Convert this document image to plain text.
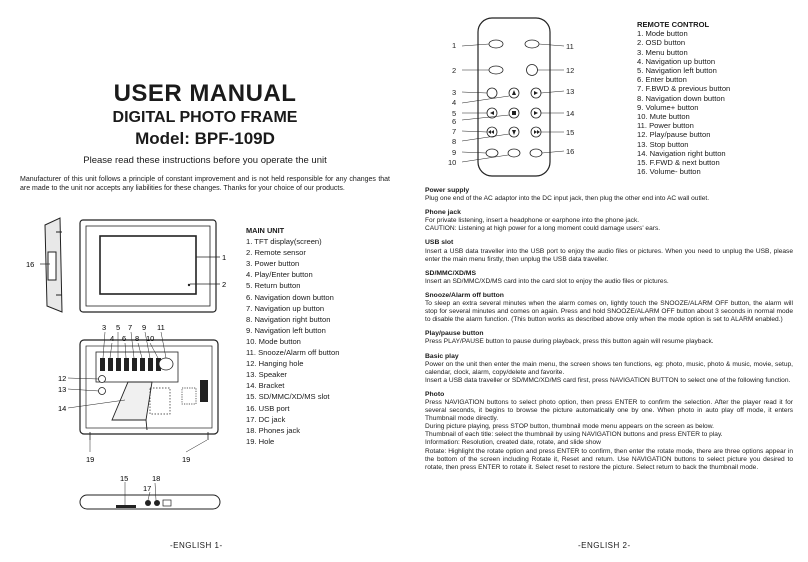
USER MANUAL
DIGITAL PHOTO FRAME
Model: BPF-109D
Please read these instructions before you operate the unit
Manufacturer of this unit follows a principle of constant improvement and is not held responsible for any changes that are made to the unit nor accepts any liabilities for these changes. Thanks for your choice of our products.
MAIN UNIT
1. TFT display(screen)
2. Remote sensor
3. Power button
4. Play/Enter button
5. Return button
6. Navigation down button
7. Navigation up button
8. Navigation right button
9. Navigation left button
10. Mode button
11. Snooze/Alarm off button
12. Hanging hole
13. Speaker
14. Bracket
15. SD/MMC/XD/MS slot
16. USB port
17. DC jack
18. Phones jack
19. Hole
16
1
2
3 5 7 9 11
4 6 8 10
12
13
14
19	19
15
17
18
-ENGLISH 1-
1
2
3
4
5
6
7
8
9
10
11
12
13
14
15
16
REMOTE CONTROL
1. Mode button
2. OSD button
3. Menu button
4. Navigation up button
5. Navigation left button
6. Enter button
7. F.BWD & previous button
8. Navigation down button
9. Volume+ button
10. Mute button
11. Power button
12. Play/pause button
13. Stop button
14. Navigation right button
15. F.FWD & next button
16. Volume- button
Power supply
Plug one end of the AC adaptor into the DC input jack, then plug the other end into AC wall outlet.
Phone jack
For private listening, insert a headphone or earphone into the phone jack.
CAUTION: Listening at high power for a long moment could damage users' ears.
USB slot
Insert a USB data traveller into the USB port to enjoy the audio files or pictures. When you need to unplug the USB, please enter the main menu firstly, then unplug the USB data traveller.
SD/MMC/XD/MS
Insert an SD/MMC/XD/MS card into the card slot to enjoy the audio files or pictures.
Snooze/Alarm off button
To sleep an extra several minutes when the alarm comes on, lightly touch the SNOOZE/ALARM OFF button, the alarm will stop for several minutes and comes on again. Press and hold SNOOZE/ALARM OFF button about 3 seconds in normal mode to disable the alarm function. (This button works as described above only when the mode option is set to ALARM enabled.)
Play/pause button
Press PLAY/PAUSE button to pause during playback, press this button again will resume playback.
Basic play
Power on the unit then enter the main menu, the screen shows ten functions, eg: photo, music, photo & music, movie, setup, calendar, clock, alarm, copy/delete and favorite.
Insert a USB data traveller or SD/MMC/XD/MS card first, press NAVIGATION BUTTON to select one of the following function.
Photo
Press NAVIGATION buttons to select photo option, then press ENTER to confirm the selection. After the player read it for several seconds, it begins to browse the picture automatically one by one. When photo in auto play off mode, it enters Thumbnail mode directly.
During picture playing, press STOP button, thumbnail mode menu appears on the screen as below.
Thumbnail of each title: select the thumbnail by using NAVIGATION buttons and press ENTER to play.
Information: Resolution, created date, rotate, and slide show
Rotate: Highlight the rotate option and press ENTER to confirm, then enter the rotate mode, there are three options appear in the bottom of the screen including Rotate it, Reset and return. Use NAVIGATION buttons to select picture you desired to rotate, then press ENTER to rotate it. Select reset to restore the picture. Select return to back the thumbnail mode.
-ENGLISH 2-
